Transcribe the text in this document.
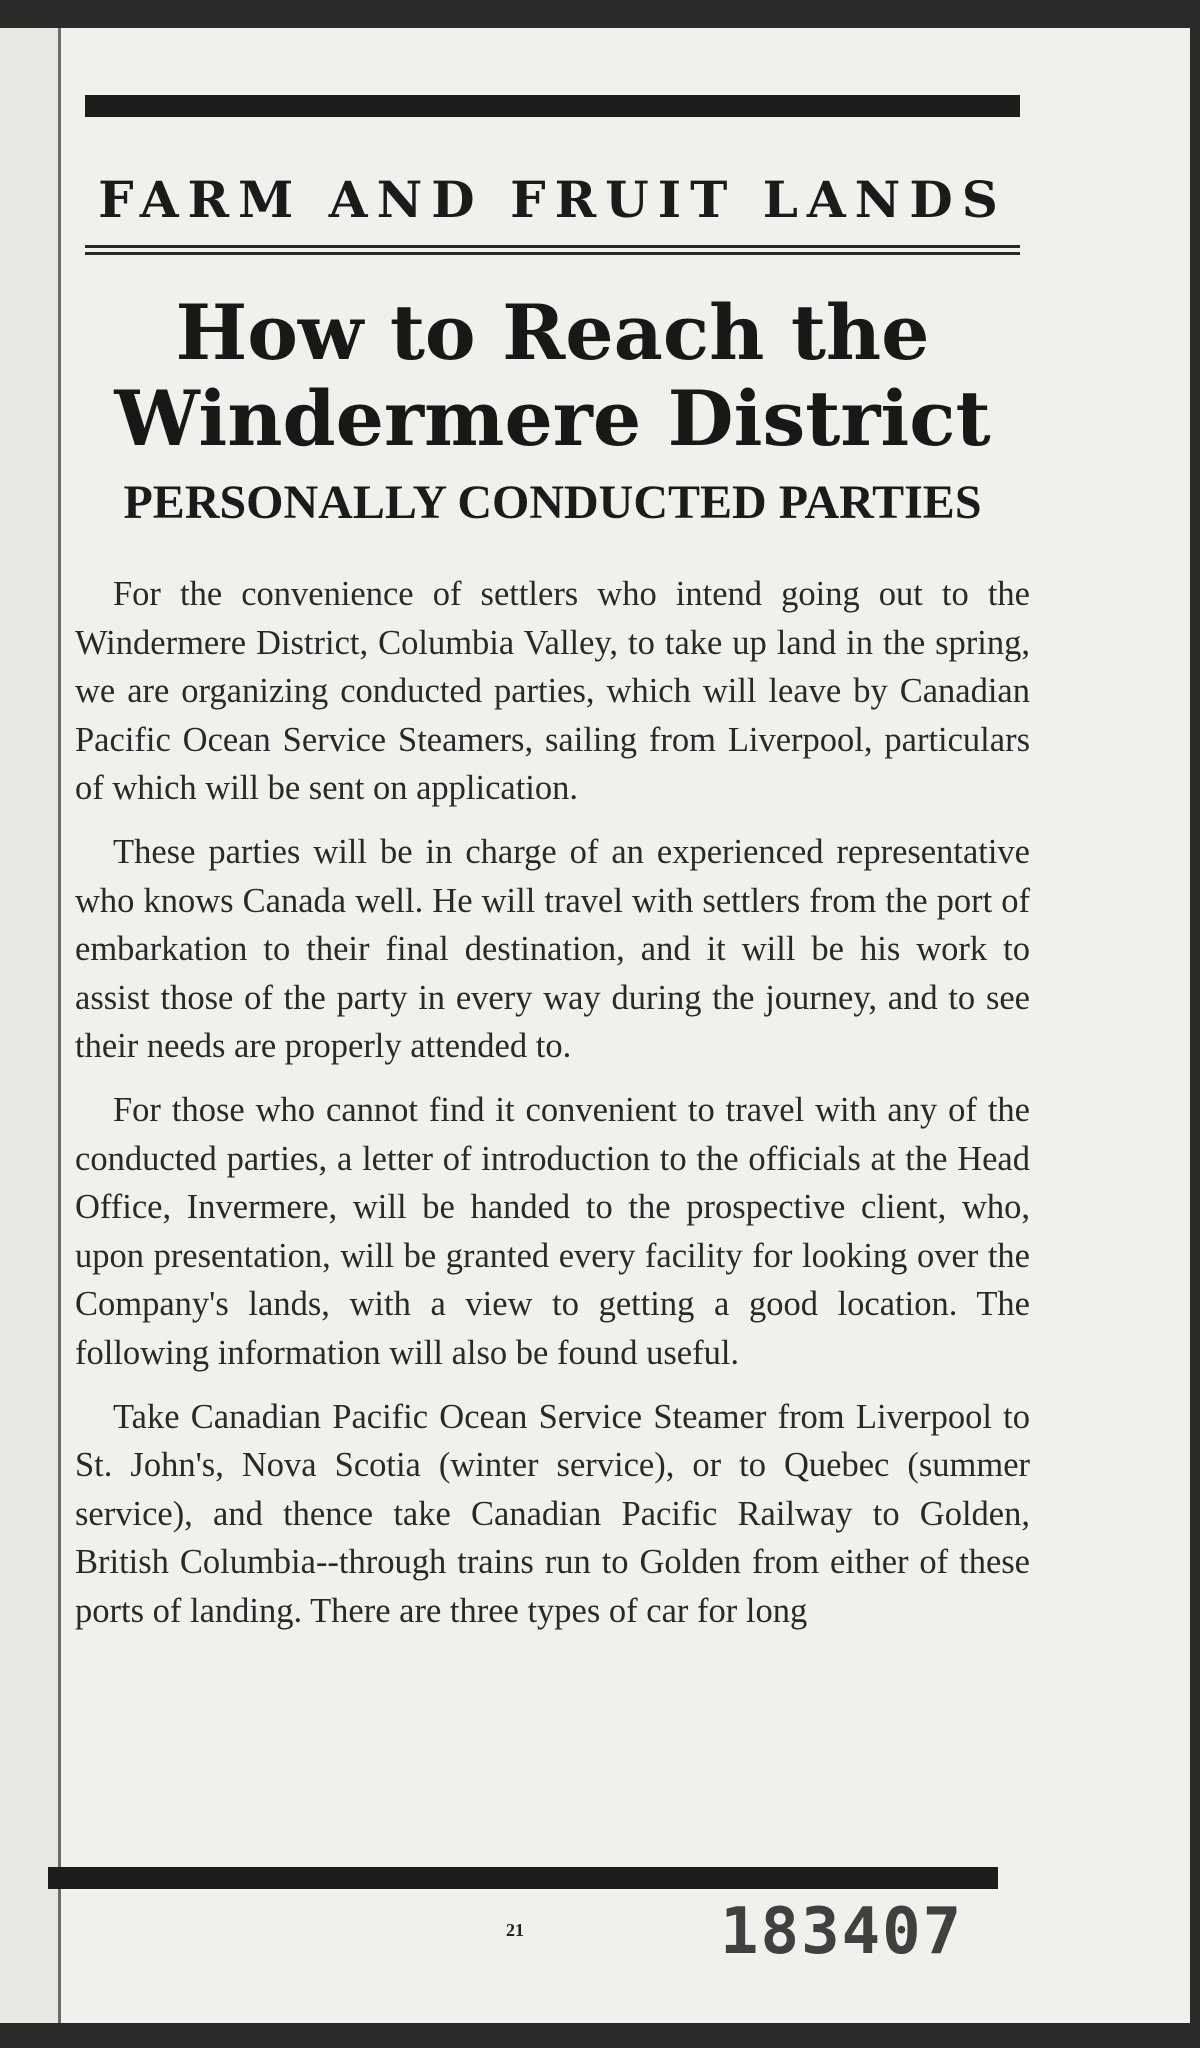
FARM AND FRUIT LANDS
How to Reach the
Windermere District
PERSONALLY CONDUCTED PARTIES

For the convenience of settlers who intend going out to the Windermere District, Columbia Valley, to take up land in the spring, we are organizing conducted parties, which will leave by Canadian Pacific Ocean Service Steamers, sailing from Liverpool, particulars of which will be sent on application.

These parties will be in charge of an experienced representative who knows Canada well. He will travel with settlers from the port of embarkation to their final destination, and it will be his work to assist those of the party in every way during the journey, and to see their needs are properly attended to.

For those who cannot find it convenient to travel with any of the conducted parties, a letter of introduction to the officials at the Head Office, Invermere, will be handed to the prospective client, who, upon presentation, will be granted every facility for looking over the Company's lands, with a view to getting a good location. The following information will also be found useful.

Take Canadian Pacific Ocean Service Steamer from Liverpool to St. John's, Nova Scotia (winter service), or to Quebec (summer service), and thence take Canadian Pacific Railway to Golden, British Columbia--through trains run to Golden from either of these ports of landing. There are three types of car for long

21	183407
